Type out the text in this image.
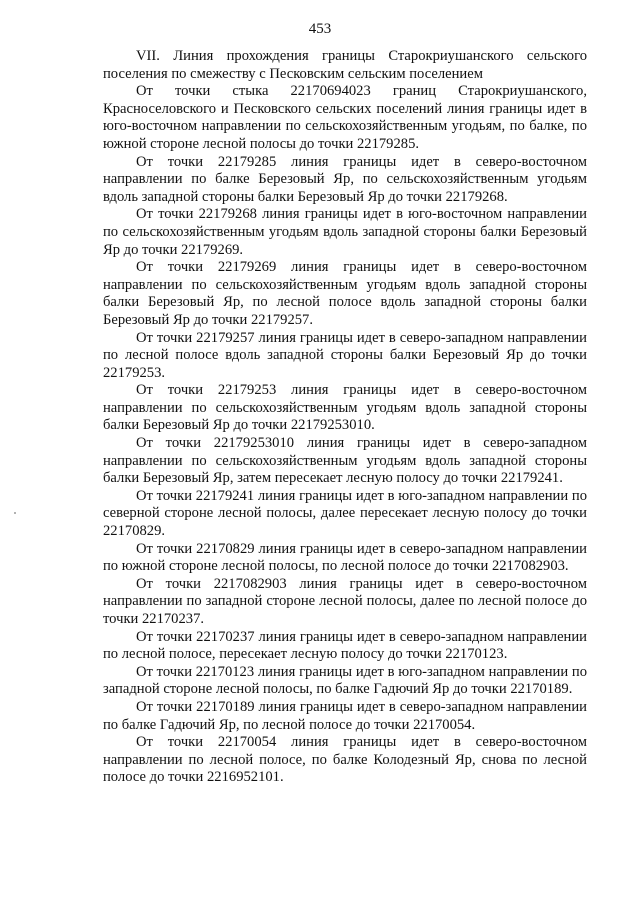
453

VII. Линия прохождения границы Старокриушанского сельского поселения по смежеству с Песковским сельским поселением

От точки стыка 22170694023 границ Старокриушанского, Красноселовского и Песковского сельских поселений линия границы идет в юго-восточном направлении по сельскохозяйственным угодьям, по балке, по южной стороне лесной полосы до точки 22179285.

От точки 22179285 линия границы идет в северо-восточном направлении по балке Березовый Яр, по сельскохозяйственным угодьям вдоль западной стороны балки Березовый Яр до точки 22179268.

От точки 22179268 линия границы идет в юго-восточном направлении по сельскохозяйственным угодьям вдоль западной стороны балки Березовый Яр до точки 22179269.

От точки 22179269 линия границы идет в северо-восточном направлении по сельскохозяйственным угодьям вдоль западной стороны балки Березовый Яр, по лесной полосе вдоль западной стороны балки Березовый Яр до точки 22179257.

От точки 22179257 линия границы идет в северо-западном направлении по лесной полосе вдоль западной стороны балки Березовый Яр до точки 22179253.

От точки 22179253 линия границы идет в северо-восточном направлении по сельскохозяйственным угодьям вдоль западной стороны балки Березовый Яр до точки 22179253010.

От точки 22179253010 линия границы идет в северо-западном направлении по сельскохозяйственным угодьям вдоль западной стороны балки Березовый Яр, затем пересекает лесную полосу до точки 22179241.

От точки 22179241 линия границы идет в юго-западном направлении по северной стороне лесной полосы, далее пересекает лесную полосу до точки 22170829.

От точки 22170829 линия границы идет в северо-западном направлении по южной стороне лесной полосы, по лесной полосе до точки 2217082903.

От точки 2217082903 линия границы идет в северо-восточном направлении по западной стороне лесной полосы, далее по лесной полосе до точки 22170237.

От точки 22170237 линия границы идет в северо-западном направлении по лесной полосе, пересекает лесную полосу до точки 22170123.

От точки 22170123 линия границы идет в юго-западном направлении по западной стороне лесной полосы, по балке Гадючий Яр до точки 22170189.

От точки 22170189 линия границы идет в северо-западном направлении по балке Гадючий Яр, по лесной полосе до точки 22170054.

От точки 22170054 линия границы идет в северо-восточном направлении по лесной полосе, по балке Колодезный Яр, снова по лесной полосе до точки 2216952101.
